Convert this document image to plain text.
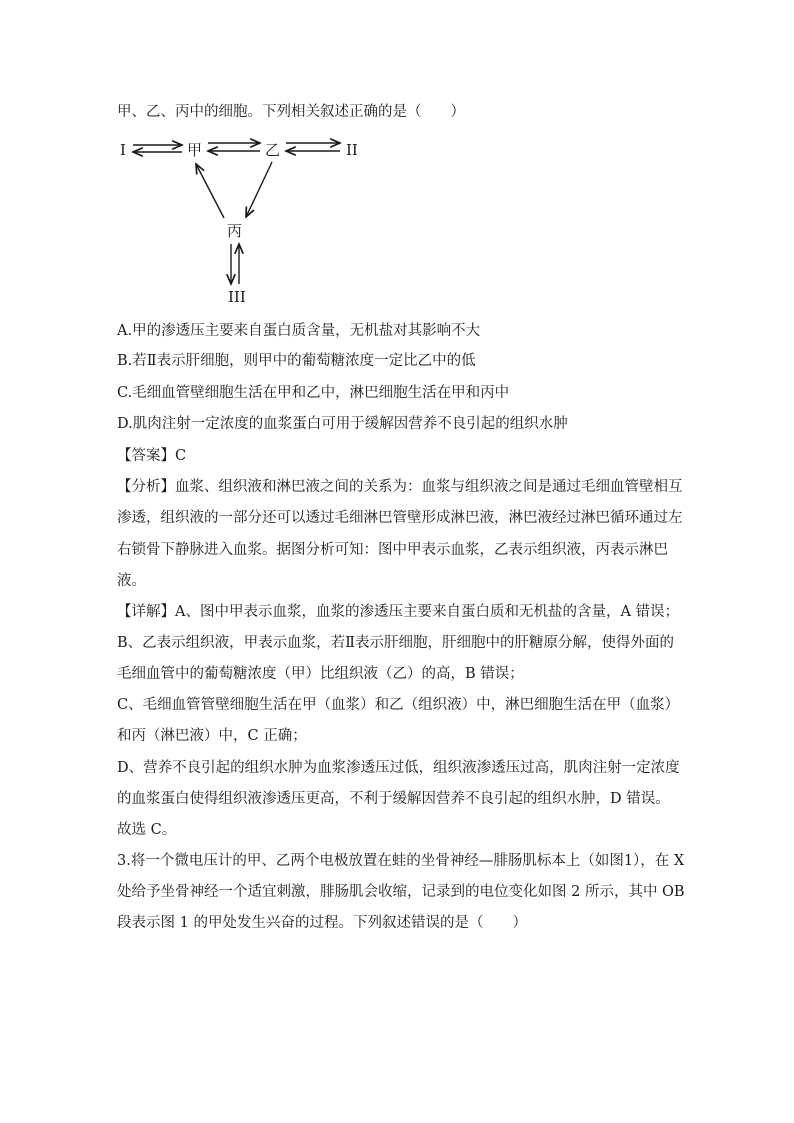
甲、乙、丙中的细胞。下列相关叙述正确的是（　　）
I	甲	乙	II
丙
III
A.甲的渗透压主要来自蛋白质含量，无机盐对其影响不大
B.若Ⅱ表示肝细胞，则甲中的葡萄糖浓度一定比乙中的低
C.毛细血管壁细胞生活在甲和乙中，淋巴细胞生活在甲和丙中
D.肌肉注射一定浓度的血浆蛋白可用于缓解因营养不良引起的组织水肿
【答案】C
【分析】血浆、组织液和淋巴液之间的关系为：血浆与组织液之间是通过毛细血管壁相互
渗透，组织液的一部分还可以透过毛细淋巴管壁形成淋巴液，淋巴液经过淋巴循环通过左
右锁骨下静脉进入血浆。据图分析可知：图中甲表示血浆，乙表示组织液，丙表示淋巴
液。
【详解】A、图中甲表示血浆，血浆的渗透压主要来自蛋白质和无机盐的含量，A 错误；
B、乙表示组织液，甲表示血浆，若Ⅱ表示肝细胞，肝细胞中的肝糖原分解，使得外面的
毛细血管中的葡萄糖浓度（甲）比组织液（乙）的高，B 错误；
C、毛细血管管壁细胞生活在甲（血浆）和乙（组织液）中，淋巴细胞生活在甲（血浆）
和丙（淋巴液）中，C 正确；
D、营养不良引起的组织水肿为血浆渗透压过低，组织液渗透压过高，肌肉注射一定浓度
的血浆蛋白使得组织液渗透压更高，不利于缓解因营养不良引起的组织水肿，D 错误。
故选 C。
3.将一个微电压计的甲、乙两个电极放置在蛙的坐骨神经—腓肠肌标本上（如图1），在 X
处给予坐骨神经一个适宜刺激，腓肠肌会收缩，记录到的电位变化如图 2 所示，其中 OB
段表示图 1 的甲处发生兴奋的过程。下列叙述错误的是（　　）
